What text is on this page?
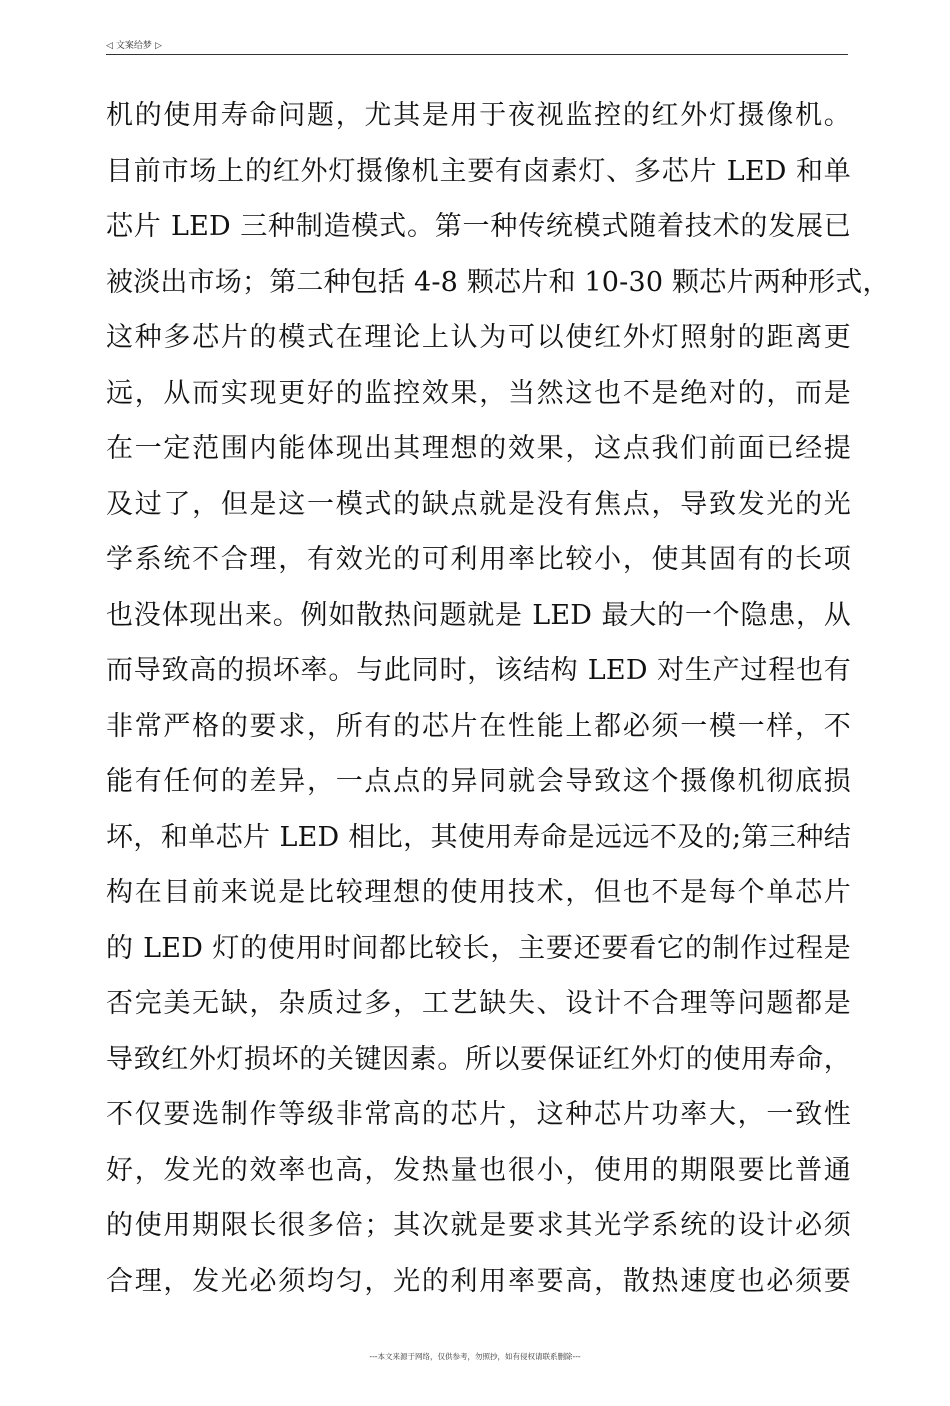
◁ 文案给梦 ▷
机的使用寿命问题，尤其是用于夜视监控的红外灯摄像机。
目前市场上的红外灯摄像机主要有卤素灯、多芯片 LED 和单
芯片 LED 三种制造模式。第一种传统模式随着技术的发展已
被淡出市场；第二种包括 4-8 颗芯片和 10-30 颗芯片两种形式，
这种多芯片的模式在理论上认为可以使红外灯照射的距离更
远，从而实现更好的监控效果，当然这也不是绝对的，而是
在一定范围内能体现出其理想的效果，这点我们前面已经提
及过了，但是这一模式的缺点就是没有焦点，导致发光的光
学系统不合理，有效光的可利用率比较小，使其固有的长项
也没体现出来。例如散热问题就是 LED 最大的一个隐患，从
而导致高的损坏率。与此同时，该结构 LED 对生产过程也有
非常严格的要求，所有的芯片在性能上都必须一模一样，不
能有任何的差异，一点点的异同就会导致这个摄像机彻底损
坏，和单芯片 LED 相比，其使用寿命是远远不及的;第三种结
构在目前来说是比较理想的使用技术，但也不是每个单芯片
的 LED 灯的使用时间都比较长，主要还要看它的制作过程是
否完美无缺，杂质过多，工艺缺失、设计不合理等问题都是
导致红外灯损坏的关键因素。所以要保证红外灯的使用寿命，
不仅要选制作等级非常高的芯片，这种芯片功率大，一致性
好，发光的效率也高，发热量也很小，使用的期限要比普通
的使用期限长很多倍；其次就是要求其光学系统的设计必须
合理，发光必须均匀，光的利用率要高，散热速度也必须要
---本文来源于网络，仅供参考，勿照抄，如有侵权请联系删除---
